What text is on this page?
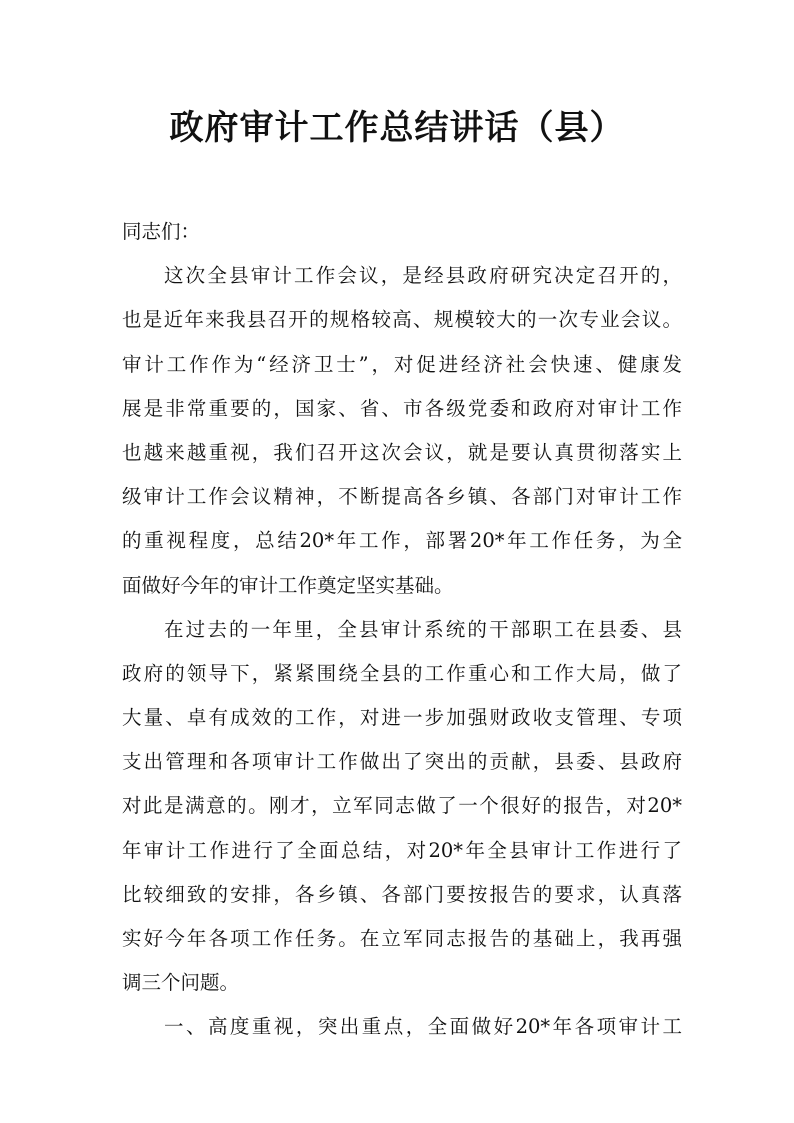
政府审计工作总结讲话（县）
同志们：
这次全县审计工作会议，是经县政府研究决定召开的，
也是近年来我县召开的规格较高、规模较大的一次专业会议。
审计工作作为“经济卫士”，对促进经济社会快速、健康发
展是非常重要的，国家、省、市各级党委和政府对审计工作
也越来越重视，我们召开这次会议，就是要认真贯彻落实上
级审计工作会议精神，不断提高各乡镇、各部门对审计工作
的重视程度，总结20*年工作，部署20*年工作任务，为全
面做好今年的审计工作奠定坚实基础。
在过去的一年里，全县审计系统的干部职工在县委、县
政府的领导下，紧紧围绕全县的工作重心和工作大局，做了
大量、卓有成效的工作，对进一步加强财政收支管理、专项
支出管理和各项审计工作做出了突出的贡献，县委、县政府
对此是满意的。刚才，立军同志做了一个很好的报告，对20*
年审计工作进行了全面总结，对20*年全县审计工作进行了
比较细致的安排，各乡镇、各部门要按报告的要求，认真落
实好今年各项工作任务。在立军同志报告的基础上，我再强
调三个问题。
一、高度重视，突出重点，全面做好20*年各项审计工
